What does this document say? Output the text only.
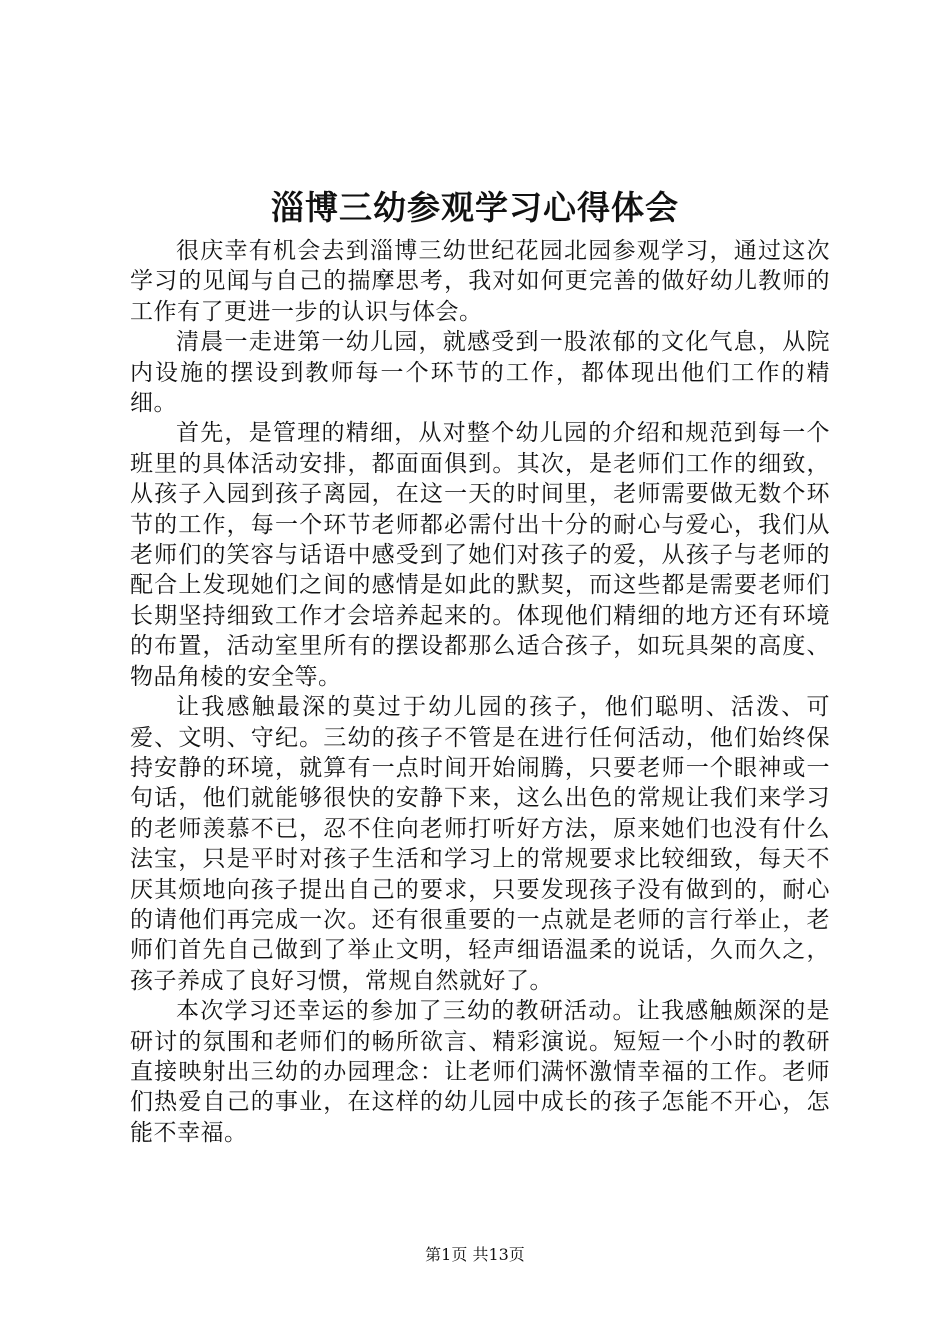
淄博三幼参观学习心得体会

很庆幸有机会去到淄博三幼世纪花园北园参观学习，通过这次学习的见闻与自己的揣摩思考，我对如何更完善的做好幼儿教师的工作有了更进一步的认识与体会。

清晨一走进第一幼儿园，就感受到一股浓郁的文化气息，从院内设施的摆设到教师每一个环节的工作，都体现出他们工作的精细。

首先，是管理的精细，从对整个幼儿园的介绍和规范到每一个班里的具体活动安排，都面面俱到。其次，是老师们工作的细致，从孩子入园到孩子离园，在这一天的时间里，老师需要做无数个环节的工作，每一个环节老师都必需付出十分的耐心与爱心，我们从老师们的笑容与话语中感受到了她们对孩子的爱，从孩子与老师的配合上发现她们之间的感情是如此的默契，而这些都是需要老师们长期坚持细致工作才会培养起来的。体现他们精细的地方还有环境的布置，活动室里所有的摆设都那么适合孩子，如玩具架的高度、物品角棱的安全等。

让我感触最深的莫过于幼儿园的孩子，他们聪明、活泼、可爱、文明、守纪。三幼的孩子不管是在进行任何活动，他们始终保持安静的环境，就算有一点时间开始闹腾，只要老师一个眼神或一句话，他们就能够很快的安静下来，这么出色的常规让我们来学习的老师羡慕不已，忍不住向老师打听好方法，原来她们也没有什么法宝，只是平时对孩子生活和学习上的常规要求比较细致，每天不厌其烦地向孩子提出自己的要求，只要发现孩子没有做到的，耐心的请他们再完成一次。还有很重要的一点就是老师的言行举止，老师们首先自己做到了举止文明，轻声细语温柔的说话，久而久之，孩子养成了良好习惯，常规自然就好了。

本次学习还幸运的参加了三幼的教研活动。让我感触颇深的是研讨的氛围和老师们的畅所欲言、精彩演说。短短一个小时的教研直接映射出三幼的办园理念：让老师们满怀激情幸福的工作。老师们热爱自己的事业，在这样的幼儿园中成长的孩子怎能不开心，怎能不幸福。

第1页 共13页
